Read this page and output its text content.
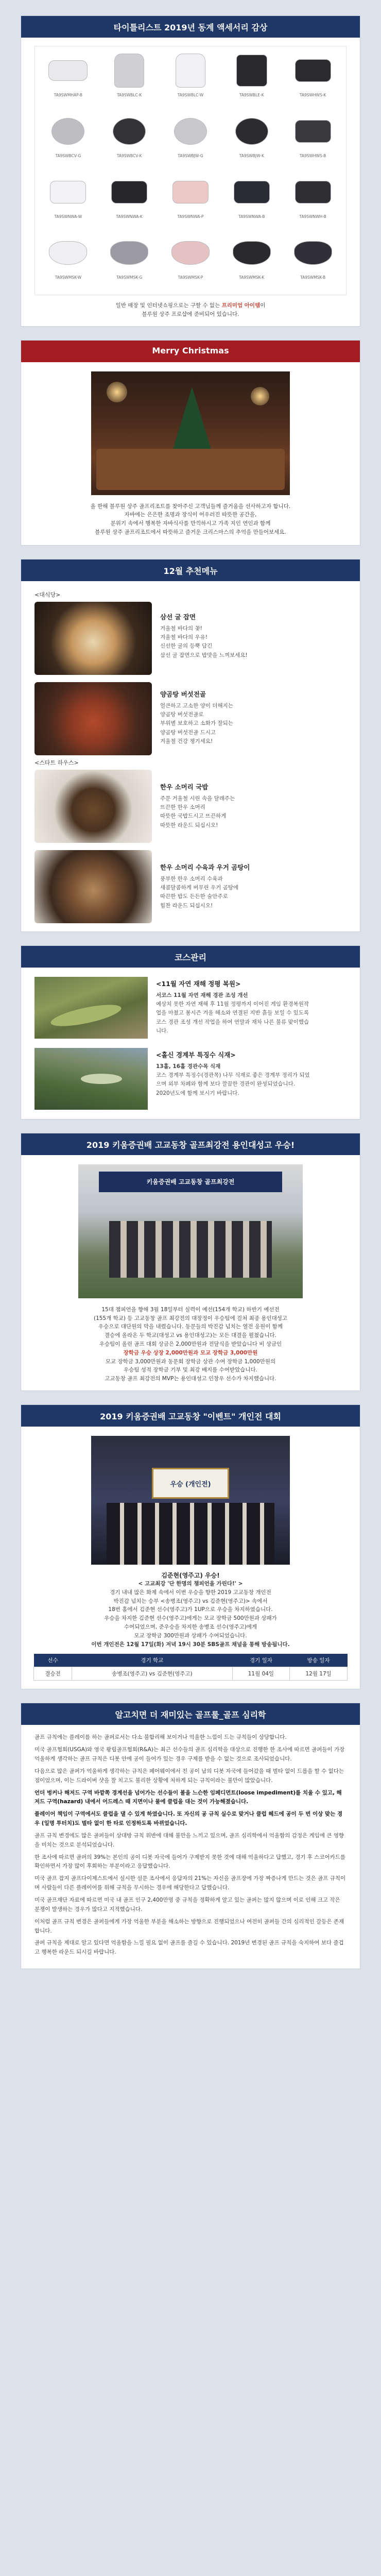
타이틀리스트 2019년 동계 액세서리 감상
TA9SWMHAP-B	TA9SWBLC-K	TA9SWBLC-W	TA9SWBLE-K	TA9SWHWS-K
TA9SWBCV-G	TA9SWBCV-K	TA9SWBJW-G	TA9SWBJW-K	TA9SWHWS-B
TA9SWNWA-W	TA9SWNWA-K	TA9SWNWA-P	TA9SWNWA-B	TA9SWNWH-B
TA9SWMSK-W	TA9SWMSK-G	TA9SWMSK-P	TA9SWMSK-K	TA9SWMSK-B

일반 매장 및 인터넷쇼핑으로는 구할 수 없는 프리미엄 아이템이
블루원 상주 프로샵에 준비되어 있습니다.

Merry Christmas

올 한해 블루원 상주 골프리조트를 찾아주신 고객님들께 즐거움을 선사하고자 합니다.
자바에는 은은한 조명과 장식이 어우러진 따뜻한 공간을,
분위기 속에서 행복한 자바식사를 만끽하시고 가족 지인 연인과 함께
블루원 상주 골프리조트에서 따뜻하고 즐거운 크리스마스의 추억을 만들어보세요.

12월 추천메뉴
<대식당>
삼선 굴 잡면

겨울철 바다의 꽃!
겨울철 바다의 우유!
신선한 굴의 등뿍 담긴
삼선 굴 잡면으로 밥맛을 느껴보세요!

양곰탕 버섯전골

얼큰하고 고소한 양이 더해지는
양곰탕 버섯전골로
부위별 보호하고 소화가 잘되는
양곰탕 버섯전골 드시고
겨울철 건강 챙기세요!

<스타트 하우스>
한우 소머리 국밥

주문 거울철 시린 속을 달래주는
뜨끈한 한우 소머리
따뜻한 국밥드시고 뜨끈하게
따뜻한 라운드 되십시오!

한우 소머리 수육과 우거 곰탕이

풍부한 한우 소머리 수육과
새콤달콤하게 버무린 우거 곰탕에
따끈한 밥도 든든한 술안주로
힘찬 라운드 되십시오!

코스관리
<11월 자연 재해 정평 복원>

서코스 11월 자연 재해 경관 조성 개선

예상치 못한 자연 재해 후 11월 정평까지 이어진 게임 환경복원작업을 마쳤고 봄시즌 겨울 해소와 연결된 지반 흙들 보일 수 있도록 코스 경관 조성 개선 작업을 하여 연말과 재차 나른 불류 맞이했습니다.

<홀신 경계부 특징수 식재>

13홀, 16홀 경관수목 식재

코스 경계부 특징수(경관목) 나무 식재로 좋은 경계부 정리가 되었으며 외부 차폐와 함께 보다 깔끔한 경관이 완성되었습니다. 2020년도에 함께 보시기 바랍니다.

2019 키움증권배 고교동창 골프최강전 용인대성고 우승!
키움증권배 고교동창 골프최강전

15대 챔피언을 향해 3월 18일부터 실력이 예선(154개 학교) 하반기 예선전
(155개 학교) 등 고교동창 골프 최강전의 대장정이 우승팀에 걸쳐 최종 용인대성고
우승으로 대단원의 막을 내렸습니다. 동문들의 박진감 넘치는 열전 응원이 함께
결승에 올라온 두 학교(대성고 vs 용인대성고)는 모든 대결을 펼쳤습니다.
우승팀이 올린 골프 대회 상금은 2,000만원과 전달식을 받았습니다 비 상금인
장학금 우승 상장 2,000만원과 모교 장학금 3,000만원
모교 장학금 3,000만원과 동문회 장학금 상관 수여 장학금 1,000만원의
우승팀 성적 장학금 기부 및 최강 배지를 수여받았습니다.
고교동창 골프 최강전의 MVP는 용인대성고 인창우 선수가 차지했습니다.

2019 키움증권배 고교동창 "이벤트" 개인전 대회
우승 (개인전)

김준현(영주고) 우승!

< 고교최강 '단 한명의 챔피언을 가린다!' >

경기 내내 많은 화제 속에서 이번 우승을 향한 2019 고교동창 개인전
박진감 넘치는 승부 <송병조(영주고) vs 김준현(영주고)> 속에서
18번 홀에서 김준현 선수(영주고)가 1UP으로 우승을 차지하였습니다.
우승을 차지한 김준현 선수(영주고)에게는 모교 장학금 500만원과 상패가
수여되었으며, 준우승을 차지한 송병조 선수(영주고)에게
모교 장학금 300만원과 상패가 수여되었습니다.
이번 개인전은 12월 17일(화) 저녁 19시 30분 SBS골프 채널을 통해 방송됩니다.

선수	경기 학교	경기 일자	방송 일자
결승전	송병조(영주고) vs 김준현(영주고)	11월 04일	12월 17일
알고치면 더 재미있는 골프룰_골프 심리학

골프 규칙에는 플레이를 하는 골퍼로서는 다소 불합리해 보이거나 억울한 느낌이 드는 규칙들이 상당합니다.

미국 골프협회(USGA)와 영국 왕립골프협회(R&A)는 최근 선수들의 골프 심리학을 대상으로 진행한 한 조사에 따르면 골퍼들이 가장 억울하게 생각하는 골프 규칙은 디봇 안에 공이 들어가 있는 경우 구제를 받을 수 없는 것으로 조사되었습니다.

다음으로 많은 골퍼가 억울하게 생각하는 규칙은 페어웨이에서 친 공이 남의 디봇 자국에 들어갔을 때 벌타 없이 드롭을 할 수 없다는 점이었으며, 이는 드라이버 샷을 잘 치고도 불리한 상황에 처하게 되는 규칙이라는 불만이 많았습니다.

언더 벙커나 해저드 구역 바깥쪽 경계선을 넘어가는 선수들이 볼을 느슨한 임페디먼트(loose impediment)를 치울 수 있고, 해저드 구역(hazard) 내에서 어드레스 때 지면이나 물에 클럽을 대는 것이 가능해졌습니다.

플레이어 책임이 구역에서도 클럽을 댈 수 있게 하였습니다. 또 자신의 공 규칙 실수로 맞거나 클럽 헤드에 공이 두 번 이상 맞는 경우 (일명 투터치)도 벌타 없이 한 타로 인정하도록 바뀌었습니다.

골프 규칙 변경에도 많은 골퍼들이 상대방 규칙 위반에 대해 불만을 느끼고 있으며, 골프 심리학에서 억울함의 감정은 게임에 큰 영향을 미치는 것으로 분석되었습니다.

한 조사에 따르면 골퍼의 39%는 본인의 공이 디봇 자국에 들어가 구제받지 못한 것에 대해 억울하다고 답했고, 경기 후 스코어카드를 확인하면서 가장 많이 후회하는 부분이라고 응답했습니다.

미국 골프 잡지 골프다이제스트에서 실시한 설문 조사에서 응답자의 21%는 자신을 골프장에 가장 짜증나게 만드는 것은 골프 규칙이며 사람들이 다른 플레이어를 위해 규칙을 무시하는 경우에 해당한다고 답했습니다.

미국 골프재단 자료에 따르면 미국 내 골프 인구 2,400만명 중 규칙을 정확하게 알고 있는 골퍼는 많지 않으며 이로 인해 크고 작은 분쟁이 발생하는 경우가 많다고 지적했습니다.

이처럼 골프 규칙 변경은 골퍼들에게 가장 억울한 부분을 해소하는 방향으로 진행되었으나 여전히 골퍼들 간의 심리적인 갈등은 존재합니다.

골퍼 규칙을 제대로 알고 있다면 억울함을 느낄 필요 없이 골프를 즐길 수 있습니다. 2019년 변경된 골프 규칙을 숙지하여 보다 즐겁고 행복한 라운드 되시길 바랍니다.
